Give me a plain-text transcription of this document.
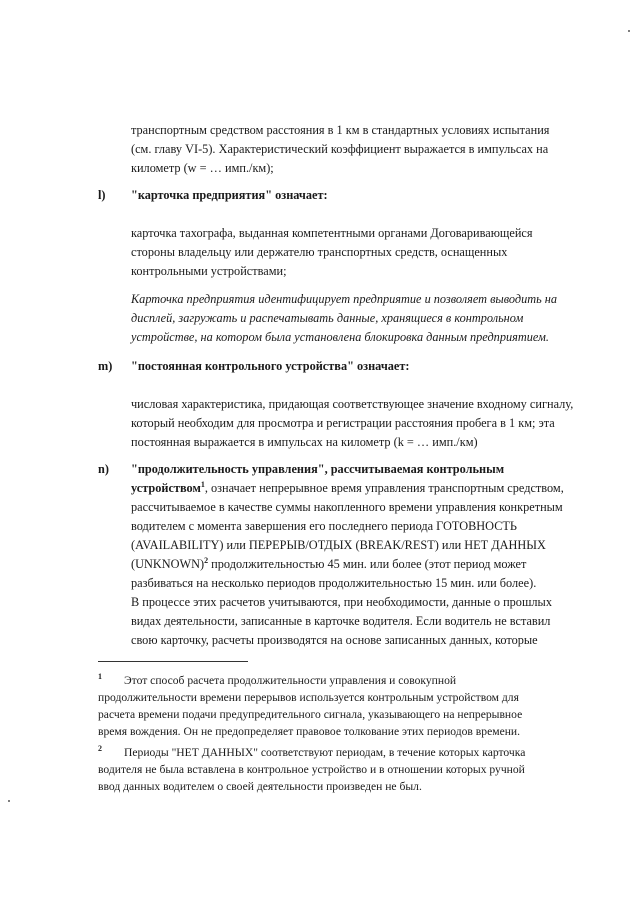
транспортным средством расстояния в 1 км в стандартных условиях испытания

(см. главу VI-5). Характеристический коэффициент выражается в импульсах на

километр (w = … имп./км);

l) "карточка предприятия" означает:

карточка тахографа, выданная компетентными органами Договаривающейся

стороны владельцу или держателю транспортных средств, оснащенных

контрольными устройствами;

Карточка предприятия идентифицирует предприятие и позволяет выводить на

дисплей, загружать и распечатывать данные, хранящиеся в контрольном

устройстве, на котором была установлена блокировка данным предприятием.

m) "постоянная контрольного устройства" означает:

числовая характеристика, придающая соответствующее значение входному сигналу,

который необходим для просмотра и регистрации расстояния пробега в 1 км; эта

постоянная выражается в импульсах на километр (k = … имп./км)

n) "продолжительность управления", рассчитываемая контрольным

устройством$^1$, означает непрерывное время управления транспортным средством,

рассчитываемое в качестве суммы накопленного времени управления конкретным

водителем с момента завершения его последнего периода ГОТОВНОСТЬ

(AVAILABILITY) или ПЕРЕРЫВ/ОТДЫХ (BREAK/REST) или НЕТ ДАННЫХ

(UNKNOWN)$^2$ продолжительностью 45 мин. или более (этот период может

разбиваться на несколько периодов продолжительностью 15 мин. или более).

В процессе этих расчетов учитываются, при необходимости, данные о прошлых

видах деятельности, записанные в карточке водителя. Если водитель не вставил

свою карточку, расчеты производятся на основе записанных данных, которые

1 Этот способ расчета продолжительности управления и совокупной

продолжительности времени перерывов используется контрольным устройством для

расчета времени подачи предупредительного сигнала, указывающего на непрерывное

время вождения. Он не предопределяет правовое толкование этих периодов времени.

2 Периоды "НЕТ ДАННЫХ" соответствуют периодам, в течение которых карточка

водителя не была вставлена в контрольное устройство и в отношении которых ручной

ввод данных водителем о своей деятельности произведен не был.
